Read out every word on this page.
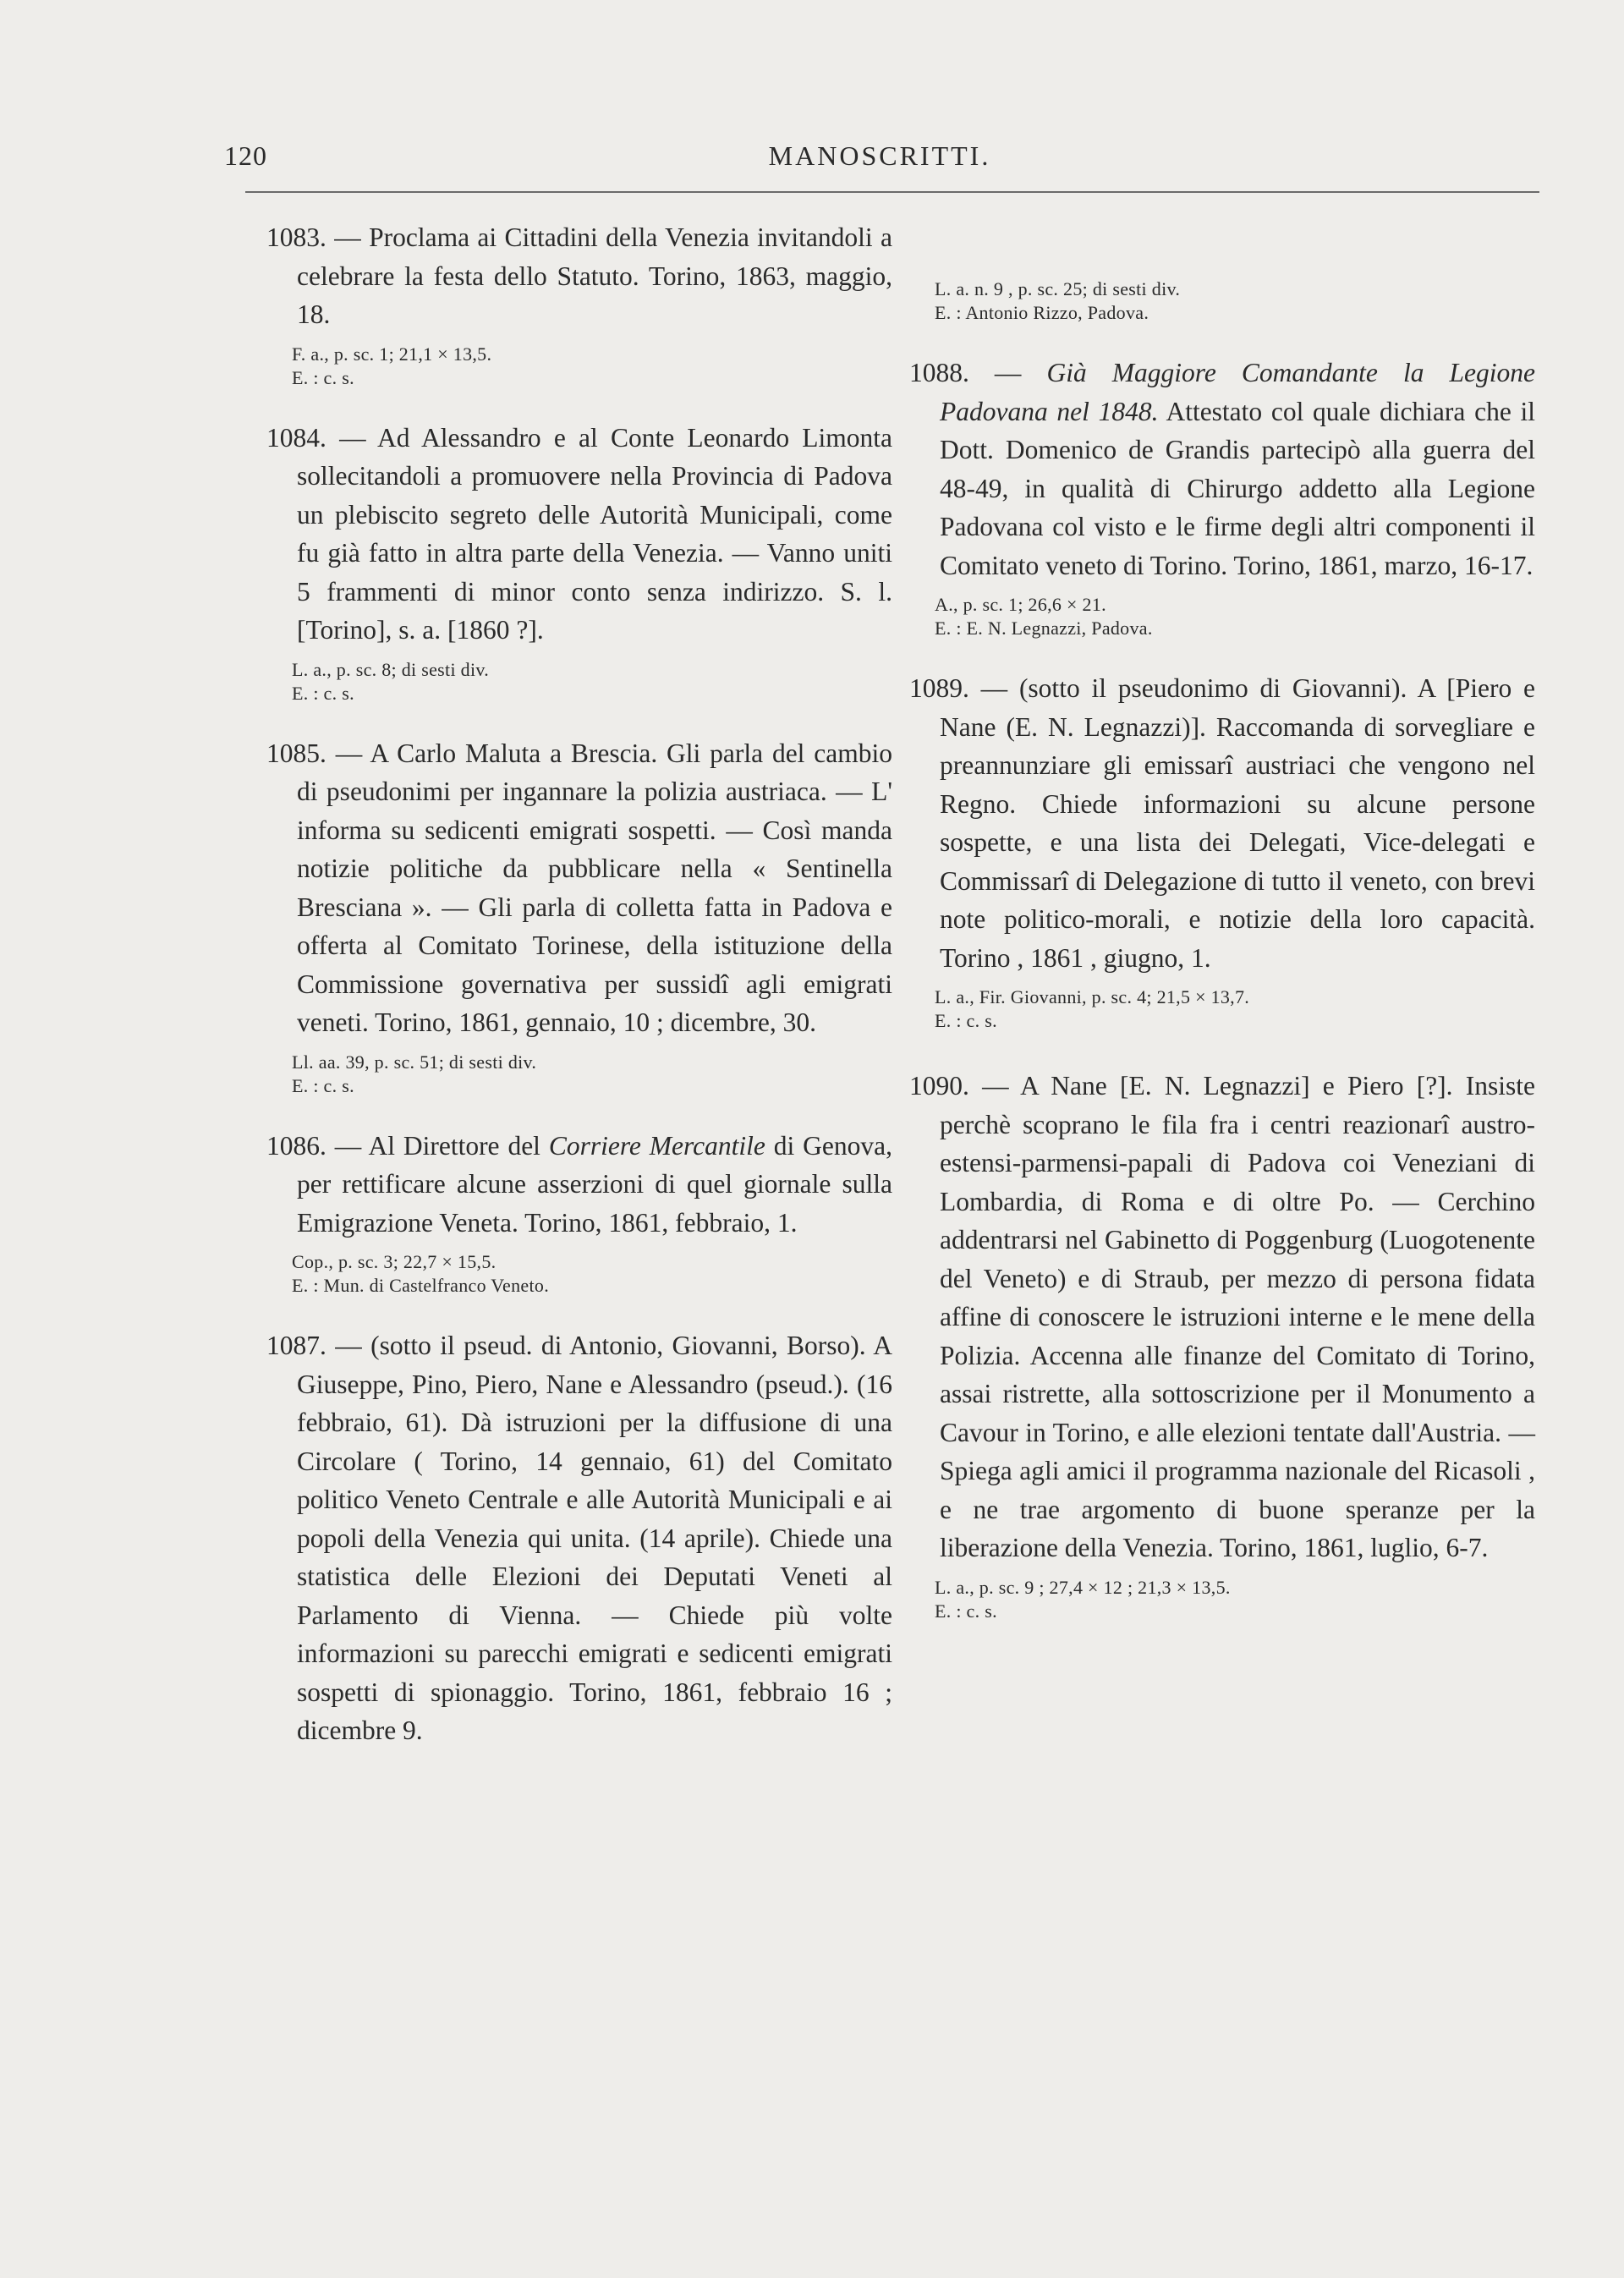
120	MANOSCRITTI.

1083. — Proclama ai Cittadini della Venezia invitandoli a celebrare la festa dello Statuto. Torino, 1863, maggio, 18.

F. a., p. sc. 1; 21,1 × 13,5.

E. : c. s.

1084. — Ad Alessandro e al Conte Leonardo Limonta sollecitandoli a promuovere nella Provincia di Padova un plebiscito segreto delle Autorità Municipali, come fu già fatto in altra parte della Venezia. — Vanno uniti 5 frammenti di minor conto senza indirizzo. S. l. [Torino], s. a. [1860 ?].

L. a., p. sc. 8; di sesti div.

E. : c. s.

1085. — A Carlo Maluta a Brescia. Gli parla del cambio di pseudonimi per ingannare la polizia austriaca. — L' informa su sedicenti emigrati sospetti. — Così manda notizie politiche da pubblicare nella « Sentinella Bresciana ». — Gli parla di colletta fatta in Padova e offerta al Comitato Torinese, della istituzione della Commissione governativa per sussidî agli emigrati veneti. Torino, 1861, gennaio, 10 ; dicembre, 30.

Ll. aa. 39, p. sc. 51; di sesti div.

E. : c. s.

1086. — Al Direttore del Corriere Mercantile di Genova, per rettificare alcune asserzioni di quel giornale sulla Emigrazione Veneta. Torino, 1861, febbraio, 1.

Cop., p. sc. 3; 22,7 × 15,5.

E. : Mun. di Castelfranco Veneto.

1087. — (sotto il pseud. di Antonio, Giovanni, Borso). A Giuseppe, Pino, Piero, Nane e Alessandro (pseud.). (16 febbraio, 61). Dà istruzioni per la diffusione di una Circolare ( Torino, 14 gennaio, 61) del Comitato politico Veneto Centrale e alle Autorità Municipali e ai popoli della Venezia qui unita. (14 aprile). Chiede una statistica delle Elezioni dei Deputati Veneti al Parlamento di Vienna. — Chiede più volte informazioni su parecchi emigrati e sedicenti emigrati sospetti di spionaggio. Torino, 1861, febbraio 16 ; dicembre 9.

L. a. n. 9 , p. sc. 25; di sesti div.

E. : Antonio Rizzo, Padova.

1088. — Già Maggiore Comandante la Legione Padovana nel 1848. Attestato col quale dichiara che il Dott. Domenico de Grandis partecipò alla guerra del 48-49, in qualità di Chirurgo addetto alla Legione Padovana col visto e le firme degli altri componenti il Comitato veneto di Torino. Torino, 1861, marzo, 16-17.

A., p. sc. 1; 26,6 × 21.

E. : E. N. Legnazzi, Padova.

1089. — (sotto il pseudonimo di Giovanni). A [Piero e Nane (E. N. Legnazzi)]. Raccomanda di sorvegliare e preannunziare gli emissarî austriaci che vengono nel Regno. Chiede informazioni su alcune persone sospette, e una lista dei Delegati, Vice-delegati e Commissarî di Delegazione di tutto il veneto, con brevi note politico-morali, e notizie della loro capacità. Torino , 1861 , giugno, 1.

L. a., Fir. Giovanni, p. sc. 4; 21,5 × 13,7.

E. : c. s.

1090. — A Nane [E. N. Legnazzi] e Piero [?]. Insiste perchè scoprano le fila fra i centri reazionarî austro-estensi-parmensi-papali di Padova coi Veneziani di Lombardia, di Roma e di oltre Po. — Cerchino addentrarsi nel Gabinetto di Poggenburg (Luogotenente del Veneto) e di Straub, per mezzo di persona fidata affine di conoscere le istruzioni interne e le mene della Polizia. Accenna alle finanze del Comitato di Torino, assai ristrette, alla sottoscrizione per il Monumento a Cavour in Torino, e alle elezioni tentate dall'Austria. — Spiega agli amici il programma nazionale del Ricasoli , e ne trae argomento di buone speranze per la liberazione della Venezia. Torino, 1861, luglio, 6-7.

L. a., p. sc. 9 ; 27,4 × 12 ; 21,3 × 13,5.

E. : c. s.
